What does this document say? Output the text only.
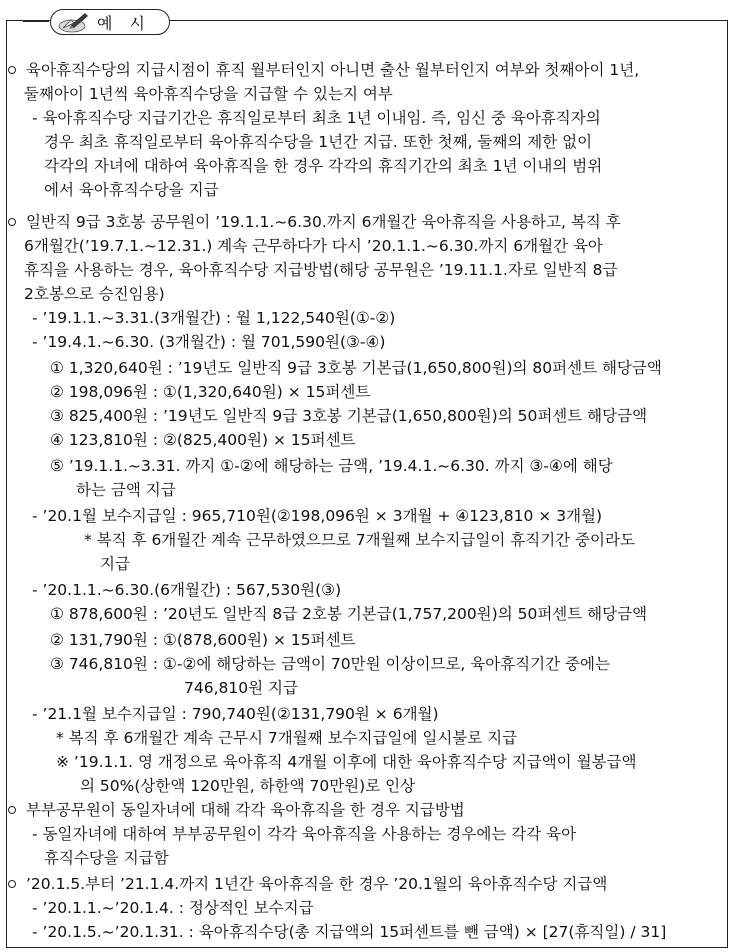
예 시
육아휴직수당의 지급시점이 휴직 월부터인지 아니면 출산 월부터인지 여부와 첫째아이 1년,
둘째아이 1년씩 육아휴직수당을 지급할 수 있는지 여부
- 육아휴직수당 지급기간은 휴직일로부터 최초 1년 이내임. 즉, 임신 중 육아휴직자의
경우 최초 휴직일로부터 육아휴직수당을 1년간 지급. 또한 첫째, 둘째의 제한 없이
각각의 자녀에 대하여 육아휴직을 한 경우 각각의 휴직기간의 최초 1년 이내의 범위
에서 육아휴직수당을 지급
일반직 9급 3호봉 공무원이 ’19.1.1.~6.30.까지 6개월간 육아휴직을 사용하고, 복직 후
6개월간(’19.7.1.~12.31.) 계속 근무하다가 다시 ’20.1.1.~6.30.까지 6개월간 육아
휴직을 사용하는 경우, 육아휴직수당 지급방법(해당 공무원은 ’19.11.1.자로 일반직 8급
2호봉으로 승진임용)
- ’19.1.1.~3.31.(3개월간) : 월 1,122,540원(①-②)
- ’19.4.1.~6.30. (3개월간) : 월 701,590원(③-④)
① 1,320,640원 : ’19년도 일반직 9급 3호봉 기본급(1,650,800원)의 80퍼센트 해당금액
② 198,096원 : ①(1,320,640원) × 15퍼센트
③ 825,400원 : ’19년도 일반직 9급 3호봉 기본급(1,650,800원)의 50퍼센트 해당금액
④ 123,810원 : ②(825,400원) × 15퍼센트
⑤ ’19.1.1.~3.31. 까지 ①-②에 해당하는 금액, ’19.4.1.~6.30. 까지 ③-④에 해당
하는 금액 지급
- ’20.1월 보수지급일 : 965,710원(②198,096원 × 3개월 + ④123,810 × 3개월)
* 복직 후 6개월간 계속 근무하였으므로 7개월째 보수지급일이 휴직기간 중이라도
지급
- ’20.1.1.~6.30.(6개월간) : 567,530원(③)
① 878,600원 : ’20년도 일반직 8급 2호봉 기본급(1,757,200원)의 50퍼센트 해당금액
② 131,790원 : ①(878,600원) × 15퍼센트
③ 746,810원 : ①-②에 해당하는 금액이 70만원 이상이므로, 육아휴직기간 중에는
746,810원 지급
- ’21.1월 보수지급일 : 790,740원(②131,790원 × 6개월)
* 복직 후 6개월간 계속 근무시 7개월째 보수지급일에 일시불로 지급
※ ’19.1.1. 영 개정으로 육아휴직 4개월 이후에 대한 육아휴직수당 지급액이 월봉급액
의 50%(상한액 120만원, 하한액 70만원)로 인상
부부공무원이 동일자녀에 대해 각각 육아휴직을 한 경우 지급방법
- 동일자녀에 대하여 부부공무원이 각각 육아휴직을 사용하는 경우에는 각각 육아
휴직수당을 지급함
’20.1.5.부터 ’21.1.4.까지 1년간 육아휴직을 한 경우 ’20.1월의 육아휴직수당 지급액
- ’20.1.1.~’20.1.4. : 정상적인 보수지급
- ’20.1.5.~’20.1.31. : 육아휴직수당(총 지급액의 15퍼센트를 뺀 금액) × [27(휴직일) / 31]
